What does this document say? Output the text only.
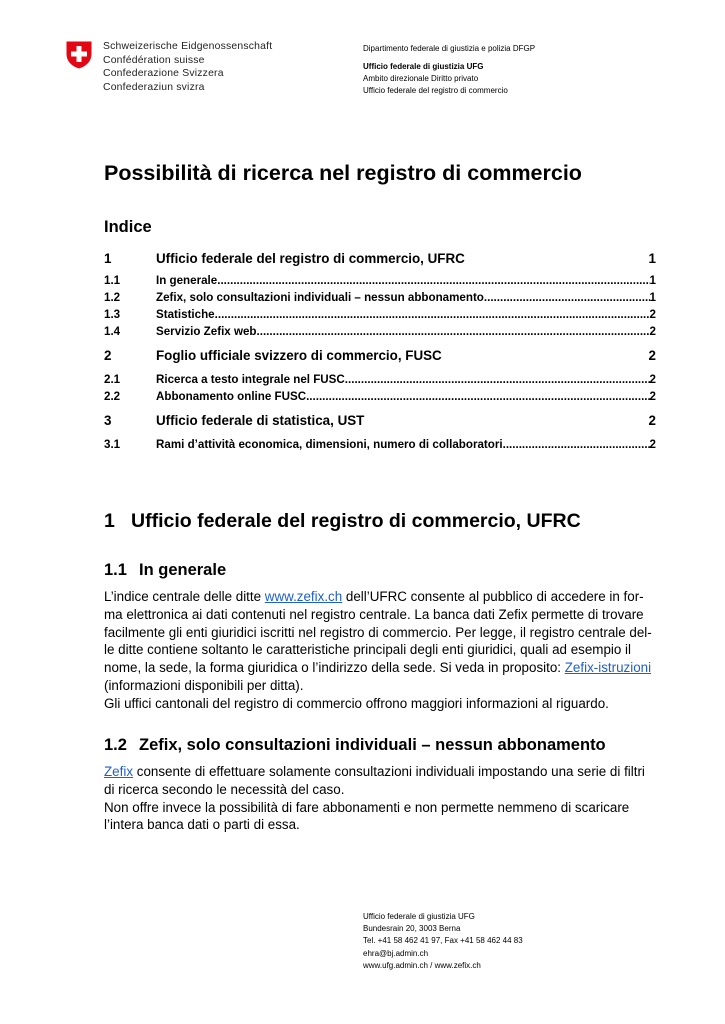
Schweizerische Eidgenossenschaft
Confédération suisse
Confederazione Svizzera
Confederaziun svizra
Dipartimento federale di giustizia e polizia DFGP
Ufficio federale di giustizia UFG
Ambito direzionale Diritto privato
Ufficio federale del registro di commercio
Possibilità di ricerca nel registro di commercio
Indice
1	Ufficio federale del registro di commercio, UFRC	1
1.1	In generale .....	1
1.2	Zefix, solo consultazioni individuali – nessun abbonamento .....	1
1.3	Statistiche .....	2
1.4	Servizio Zefix web .....	2
2	Foglio ufficiale svizzero di commercio, FUSC	2
2.1	Ricerca a testo integrale nel FUSC .....	2
2.2	Abbonamento online FUSC .....	2
3	Ufficio federale di statistica, UST	2
3.1	Rami d’attività economica, dimensioni, numero di collaboratori .....	2
1 Ufficio federale del registro di commercio, UFRC
1.1 In generale

L’indice centrale delle ditte www.zefix.ch dell’UFRC consente al pubblico di accedere in for-

ma elettronica ai dati contenuti nel registro centrale. La banca dati Zefix permette di trovare

facilmente gli enti giuridici iscritti nel registro di commercio. Per legge, il registro centrale del-

le ditte contiene soltanto le caratteristiche principali degli enti giuridici, quali ad esempio il

nome, la sede, la forma giuridica o l’indirizzo della sede. Si veda in proposito: Zefix-istruzioni

(informazioni disponibili per ditta).

Gli uffici cantonali del registro di commercio offrono maggiori informazioni al riguardo.

1.2 Zefix, solo consultazioni individuali – nessun abbonamento

Zefix consente di effettuare solamente consultazioni individuali impostando una serie di filtri

di ricerca secondo le necessità del caso.

Non offre invece la possibilità di fare abbonamenti e non permette nemmeno di scaricare

l’intera banca dati o parti di essa.

Ufficio federale di giustizia UFG
Bundesrain 20, 3003 Berna
Tel. +41 58 462 41 97, Fax +41 58 462 44 83
ehra@bj.admin.ch
www.ufg.admin.ch / www.zefix.ch
